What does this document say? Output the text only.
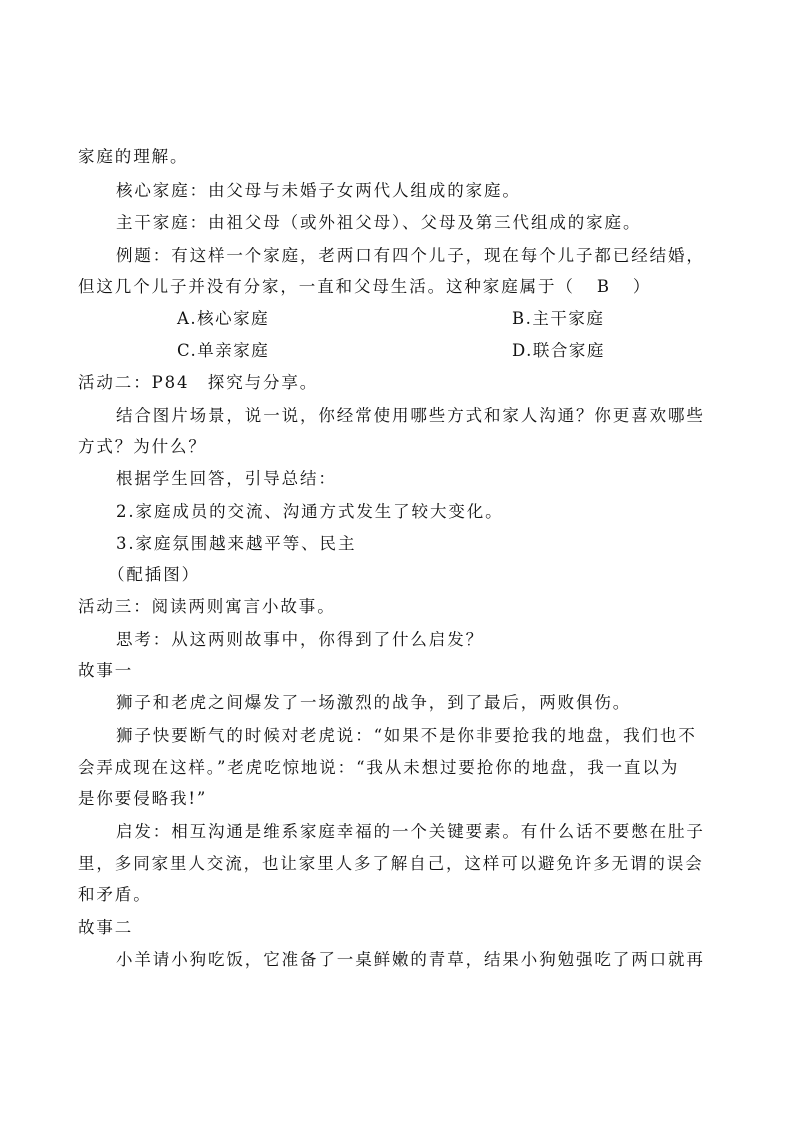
家庭的理解。
核心家庭：由父母与未婚子女两代人组成的家庭。
主干家庭：由祖父母（或外祖父母）、父母及第三代组成的家庭。
例题：有这样一个家庭，老两口有四个儿子，现在每个儿子都已经结婚，
但这几个儿子并没有分家，一直和父母生活。这种家庭属于（ B ）
A.核心家庭	B.主干家庭
C.单亲家庭	D.联合家庭
活动二：P84　探究与分享。
结合图片场景，说一说，你经常使用哪些方式和家人沟通？你更喜欢哪些
方式？为什么？
根据学生回答，引导总结：
2.家庭成员的交流、沟通方式发生了较大变化。
3.家庭氛围越来越平等、民主
（配插图）
活动三：阅读两则寓言小故事。
思考：从这两则故事中，你得到了什么启发？
故事一
狮子和老虎之间爆发了一场激烈的战争，到了最后，两败俱伤。
狮子快要断气的时候对老虎说：“如果不是你非要抢我的地盘，我们也不
会弄成现在这样。”老虎吃惊地说：“我从未想过要抢你的地盘，我一直以为
是你要侵略我!”
启发：相互沟通是维系家庭幸福的一个关键要素。有什么话不要憋在肚子
里，多同家里人交流，也让家里人多了解自己，这样可以避免许多无谓的误会
和矛盾。
故事二
小羊请小狗吃饭，它准备了一桌鲜嫩的青草，结果小狗勉强吃了两口就再
